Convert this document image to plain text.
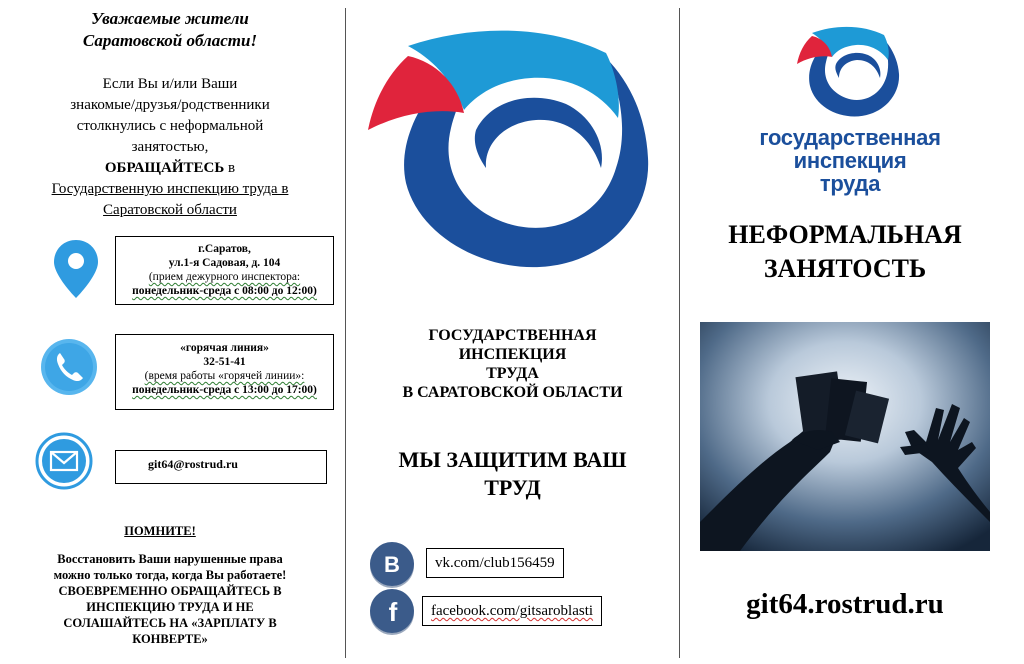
Уважаемые жители
Саратовской области!
Если Вы и/или Ваши
знакомые/друзья/родственники
столкнулись с неформальной
занятостью,
ОБРАЩАЙТЕСЬ в
Государственную инспекцию труда в
Саратовской области
г.Саратов,
ул.1-я Садовая, д. 104
(прием дежурного инспектора:
понедельник-среда с 08:00 до 12:00)
«горячая линия»
32-51-41
(время работы «горячей линии»:
понедельник-среда с 13:00 до 17:00)
git64@rostrud.ru
ПОМНИТЕ!
Восстановить Ваши нарушенные права
можно только тогда, когда Вы работаете!
СВОЕВРЕМЕННО ОБРАЩАЙТЕСЬ В
ИНСПЕКЦИЮ ТРУДА И НЕ
СОЛАШАЙТЕСЬ НА «ЗАРПЛАТУ В
КОНВЕРТЕ»
ГОСУДАРСТВЕННАЯ
ИНСПЕКЦИЯ
ТРУДА
В САРАТОВСКОЙ ОБЛАСТИ
МЫ ЗАЩИТИМ ВАШ
ТРУД
B	vk.com/club156459
f	facebook.com/gitsaroblasti
государственная
инспекция
труда
НЕФОРМАЛЬНАЯ
ЗАНЯТОСТЬ
git64.rostrud.ru
